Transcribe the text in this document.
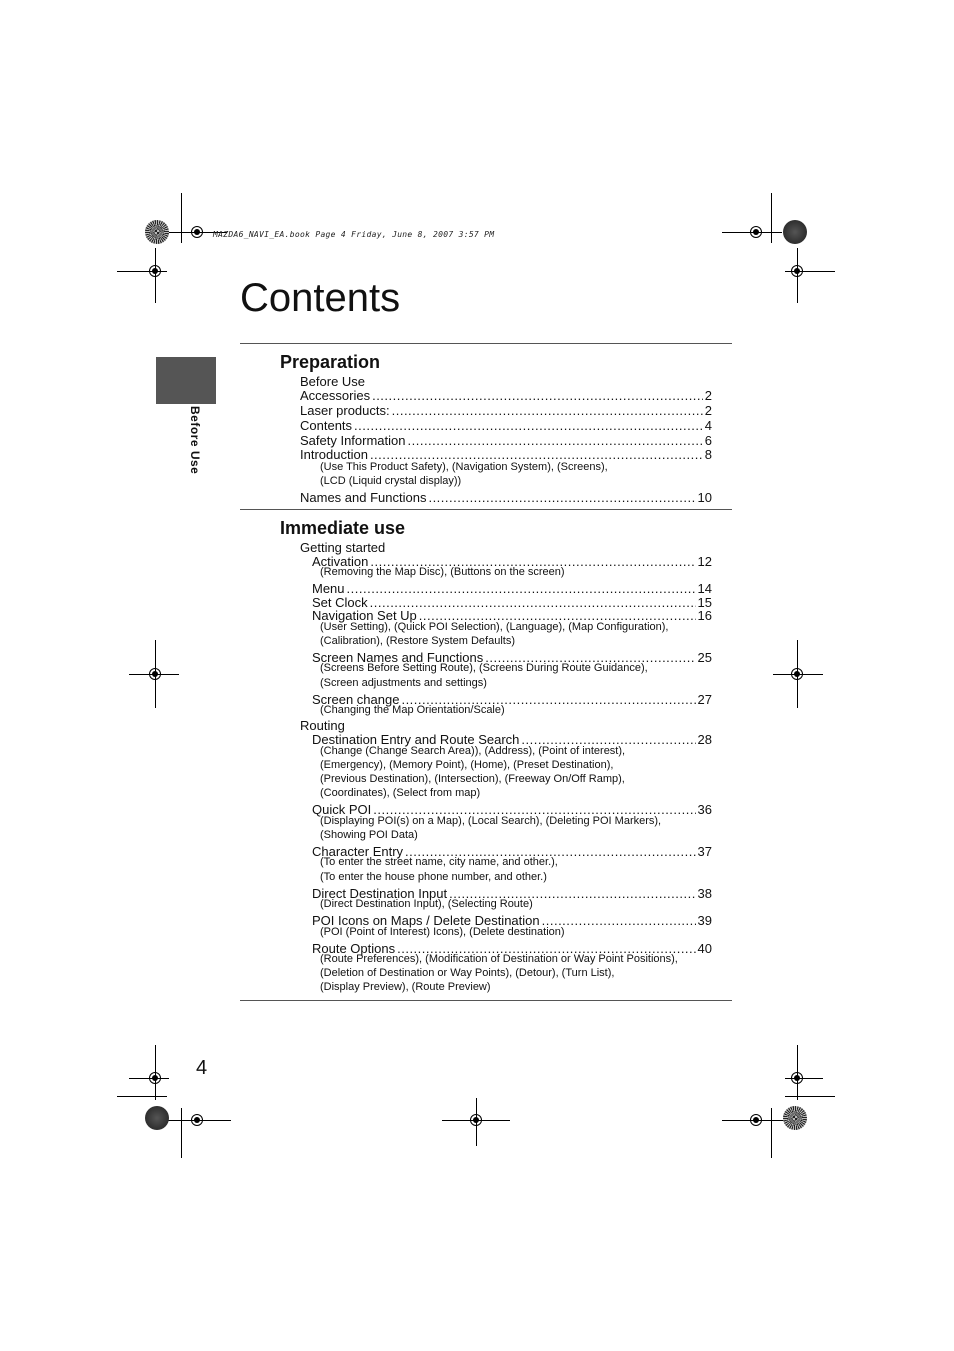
MAZDA6_NAVI_EA.book Page 4 Friday, June 8, 2007 3:57 PM
Contents
Before Use
Preparation
Before Use
Accessories .....	2
Laser products: .....	2
Contents .....	4
Safety Information .....	6
Introduction .....	8
(Use This Product Safety), (Navigation System), (Screens),
(LCD (Liquid crystal display))
Names and Functions .....	10
Immediate use
Getting started
Activation .....	12
(Removing the Map Disc), (Buttons on the screen)
Menu .....	14
Set Clock .....	15
Navigation Set Up .....	16
(User Setting), (Quick POI Selection), (Language), (Map Configuration),
(Calibration), (Restore System Defaults)
Screen Names and Functions .....	25
(Screens Before Setting Route), (Screens During Route Guidance),
(Screen adjustments and settings)
Screen change .....	27
(Changing the Map Orientation/Scale)
Routing
Destination Entry and Route Search .....	28
(Change (Change Search Area)), (Address), (Point of interest),
(Emergency), (Memory Point), (Home), (Preset Destination),
(Previous Destination), (Intersection), (Freeway On/Off Ramp),
(Coordinates), (Select from map)
Quick POI .....	36
(Displaying POI(s) on a Map), (Local Search), (Deleting POI Markers),
(Showing POI Data)
Character Entry .....	37
(To enter the street name, city name, and other.),
(To enter the house phone number, and other.)
Direct Destination Input .....	38
(Direct Destination Input), (Selecting Route)
POI Icons on Maps / Delete Destination .....	39
(POI (Point of Interest) Icons), (Delete destination)
Route Options .....	40
(Route Preferences), (Modification of Destination or Way Point Positions),
(Deletion of Destination or Way Points), (Detour), (Turn List),
(Display Preview), (Route Preview)
4
